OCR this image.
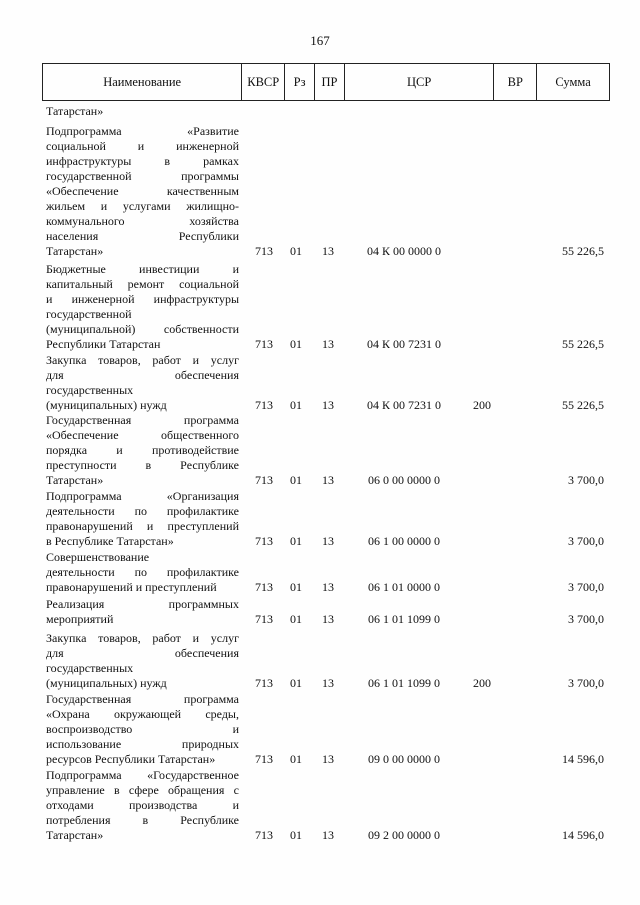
167
Наименование	КВСР	Рз	ПР	ЦСР	ВР	Сумма
Татарстан»
Подпрограмма «Развитие
социальной и инженерной
инфраструктуры в рамках
государственной программы
«Обеспечение качественным
жильем и услугами жилищно-
коммунального хозяйства
населения Республики
Татарстан»	713	01	13	04 К 00 0000 0	55 226,5
Бюджетные инвестиции и
капитальный ремонт социальной
и инженерной инфраструктуры
государственной
(муниципальной) собственности
Республики Татарстан	713	01	13	04 К 00 7231 0	55 226,5
Закупка товаров, работ и услуг
для обеспечения
государственных
(муниципальных) нужд	713	01	13	04 К 00 7231 0	200	55 226,5
Государственная программа
«Обеспечение общественного
порядка и противодействие
преступности в Республике
Татарстан»	713	01	13	06 0 00 0000 0	3 700,0
Подпрограмма «Организация
деятельности по профилактике
правонарушений и преступлений
в Республике Татарстан»	713	01	13	06 1 00 0000 0	3 700,0
Совершенствование
деятельности по профилактике
правонарушений и преступлений	713	01	13	06 1 01 0000 0	3 700,0
Реализация программных
мероприятий	713	01	13	06 1 01 1099 0	3 700,0
Закупка товаров, работ и услуг
для обеспечения
государственных
(муниципальных) нужд	713	01	13	06 1 01 1099 0	200	3 700,0
Государственная программа
«Охрана окружающей среды,
воспроизводство и
использование природных
ресурсов Республики Татарстан»	713	01	13	09 0 00 0000 0	14 596,0
Подпрограмма «Государственное
управление в сфере обращения с
отходами производства и
потребления в Республике
Татарстан»	713	01	13	09 2 00 0000 0	14 596,0
